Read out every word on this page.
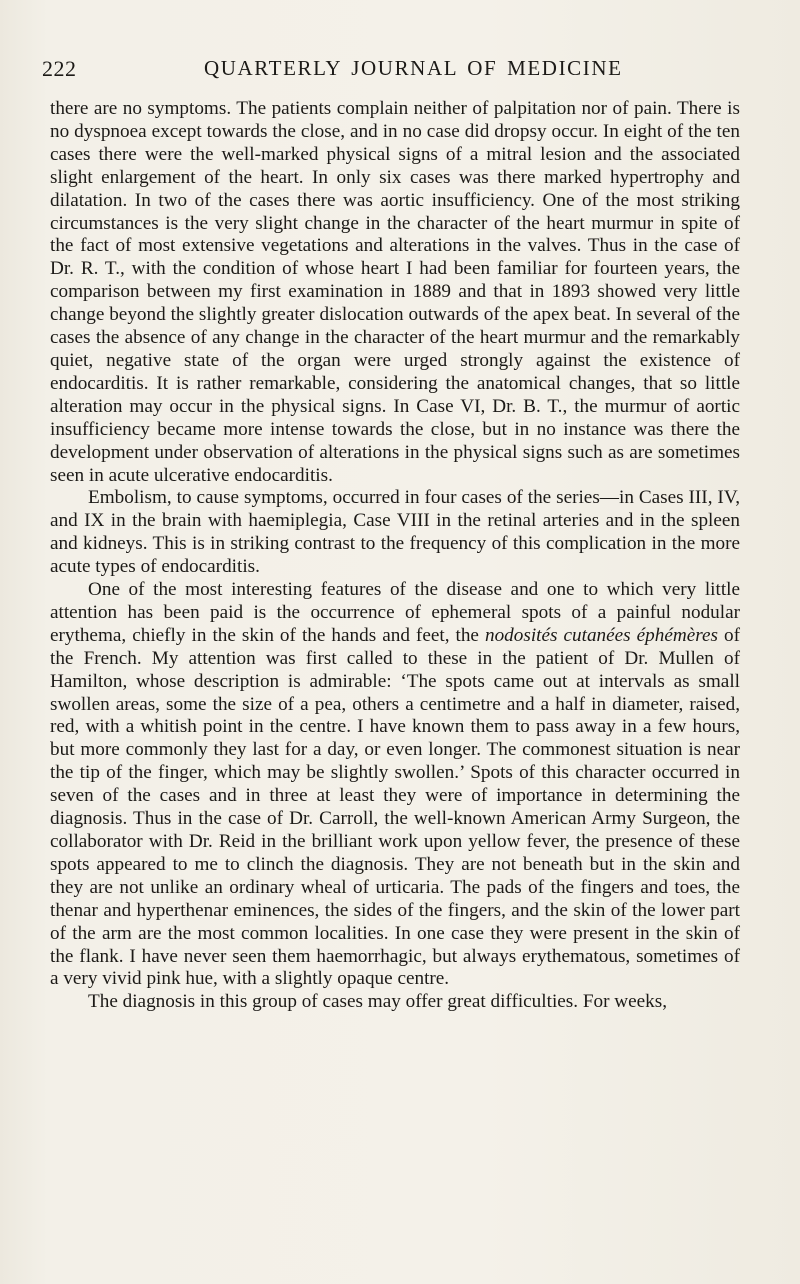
222	QUARTERLY JOURNAL OF MEDICINE

there are no symptoms. The patients complain neither of palpitation nor of pain. There is no dyspnoea except towards the close, and in no case did dropsy occur. In eight of the ten cases there were the well-marked physical signs of a mitral lesion and the associated slight enlargement of the heart. In only six cases was there marked hypertrophy and dilatation. In two of the cases there was aortic insufficiency. One of the most striking circumstances is the very slight change in the character of the heart murmur in spite of the fact of most extensive vegetations and alterations in the valves. Thus in the case of Dr. R. T., with the condition of whose heart I had been familiar for fourteen years, the comparison between my first examination in 1889 and that in 1893 showed very little change beyond the slightly greater dislocation outwards of the apex beat. In several of the cases the absence of any change in the character of the heart murmur and the remarkably quiet, negative state of the organ were urged strongly against the existence of endocarditis. It is rather remarkable, considering the anatomical changes, that so little alteration may occur in the physical signs. In Case VI, Dr. B. T., the murmur of aortic insufficiency became more intense towards the close, but in no instance was there the development under observation of alterations in the physical signs such as are sometimes seen in acute ulcerative endocarditis.

Embolism, to cause symptoms, occurred in four cases of the series—in Cases III, IV, and IX in the brain with haemiplegia, Case VIII in the retinal arteries and in the spleen and kidneys. This is in striking contrast to the frequency of this complication in the more acute types of endocarditis.

One of the most interesting features of the disease and one to which very little attention has been paid is the occurrence of ephemeral spots of a painful nodular erythema, chiefly in the skin of the hands and feet, the nodosités cutanées éphémères of the French. My attention was first called to these in the patient of Dr. Mullen of Hamilton, whose description is admirable: ‘The spots came out at intervals as small swollen areas, some the size of a pea, others a centimetre and a half in diameter, raised, red, with a whitish point in the centre. I have known them to pass away in a few hours, but more commonly they last for a day, or even longer. The commonest situation is near the tip of the finger, which may be slightly swollen.’ Spots of this character occurred in seven of the cases and in three at least they were of importance in determining the diagnosis. Thus in the case of Dr. Carroll, the well-known American Army Surgeon, the collaborator with Dr. Reid in the brilliant work upon yellow fever, the presence of these spots appeared to me to clinch the diagnosis. They are not beneath but in the skin and they are not unlike an ordinary wheal of urticaria. The pads of the fingers and toes, the thenar and hyperthenar eminences, the sides of the fingers, and the skin of the lower part of the arm are the most common localities. In one case they were present in the skin of the flank. I have never seen them haemorrhagic, but always erythematous, sometimes of a very vivid pink hue, with a slightly opaque centre.

The diagnosis in this group of cases may offer great difficulties. For weeks,
